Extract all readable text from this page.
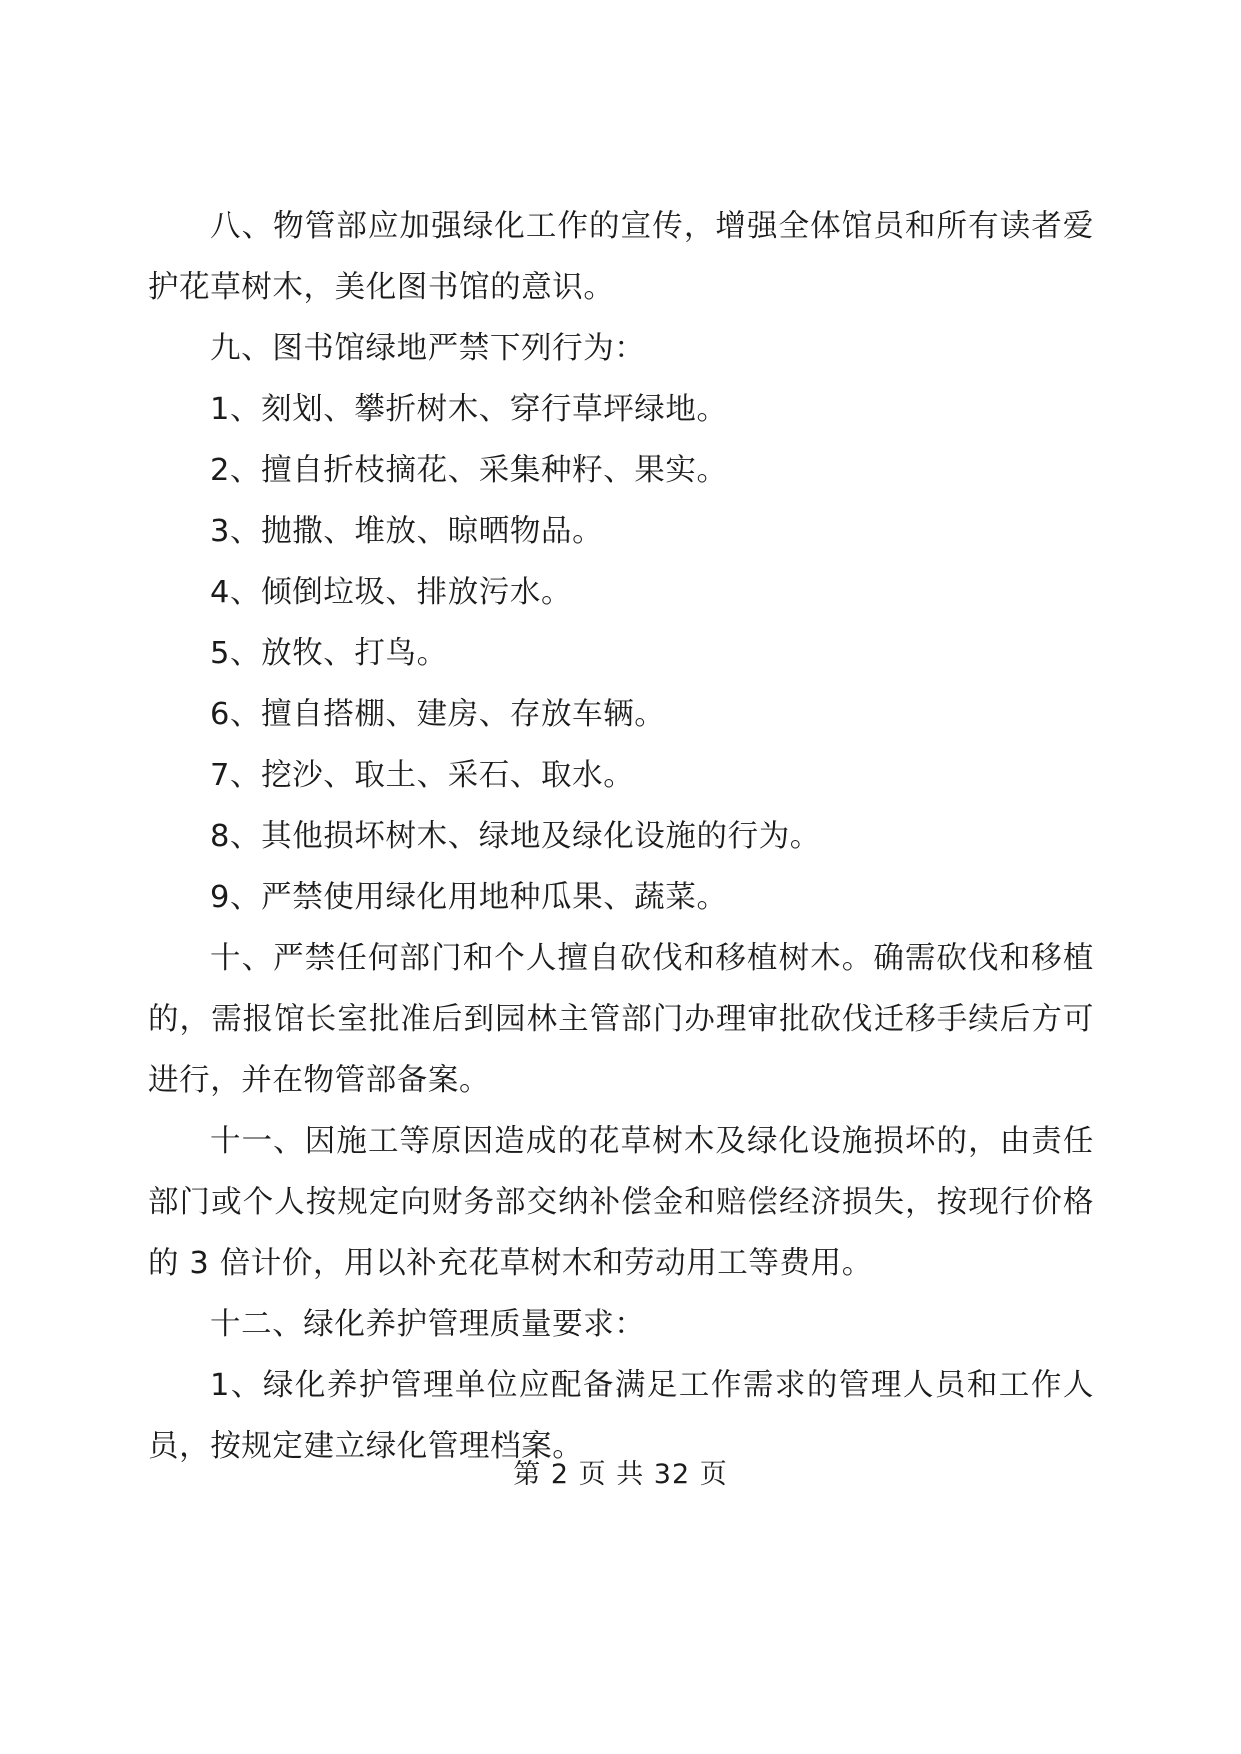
八、物管部应加强绿化工作的宣传，增强全体馆员和所有读者爱护花草树木，美化图书馆的意识。

九、图书馆绿地严禁下列行为：

1、刻划、攀折树木、穿行草坪绿地。

2、擅自折枝摘花、采集种籽、果实。

3、抛撒、堆放、晾晒物品。

4、倾倒垃圾、排放污水。

5、放牧、打鸟。

6、擅自搭棚、建房、存放车辆。

7、挖沙、取土、采石、取水。

8、其他损坏树木、绿地及绿化设施的行为。

9、严禁使用绿化用地种瓜果、蔬菜。

十、严禁任何部门和个人擅自砍伐和移植树木。确需砍伐和移植的，需报馆长室批准后到园林主管部门办理审批砍伐迁移手续后方可进行，并在物管部备案。

十一、因施工等原因造成的花草树木及绿化设施损坏的，由责任部门或个人按规定向财务部交纳补偿金和赔偿经济损失，按现行价格的 3 倍计价，用以补充花草树木和劳动用工等费用。

十二、绿化养护管理质量要求：

1、绿化养护管理单位应配备满足工作需求的管理人员和工作人员，按规定建立绿化管理档案。

第 2 页 共 32 页
